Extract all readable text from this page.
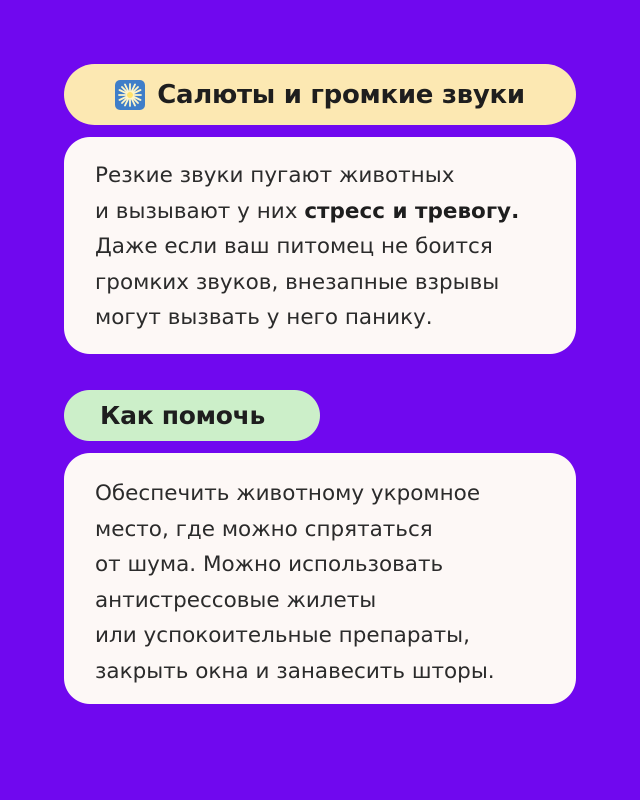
Салюты и громкие звуки
Резкие звуки пугают животных
и вызывают у них стресс и тревогу.
Даже если ваш питомец не боится
громких звуков, внезапные взрывы
могут вызвать у него панику.
Как помочь
Обеспечить животному укромное
место, где можно спрятаться
от шума. Можно использовать
антистрессовые жилеты
или успокоительные препараты,
закрыть окна и занавесить шторы.
